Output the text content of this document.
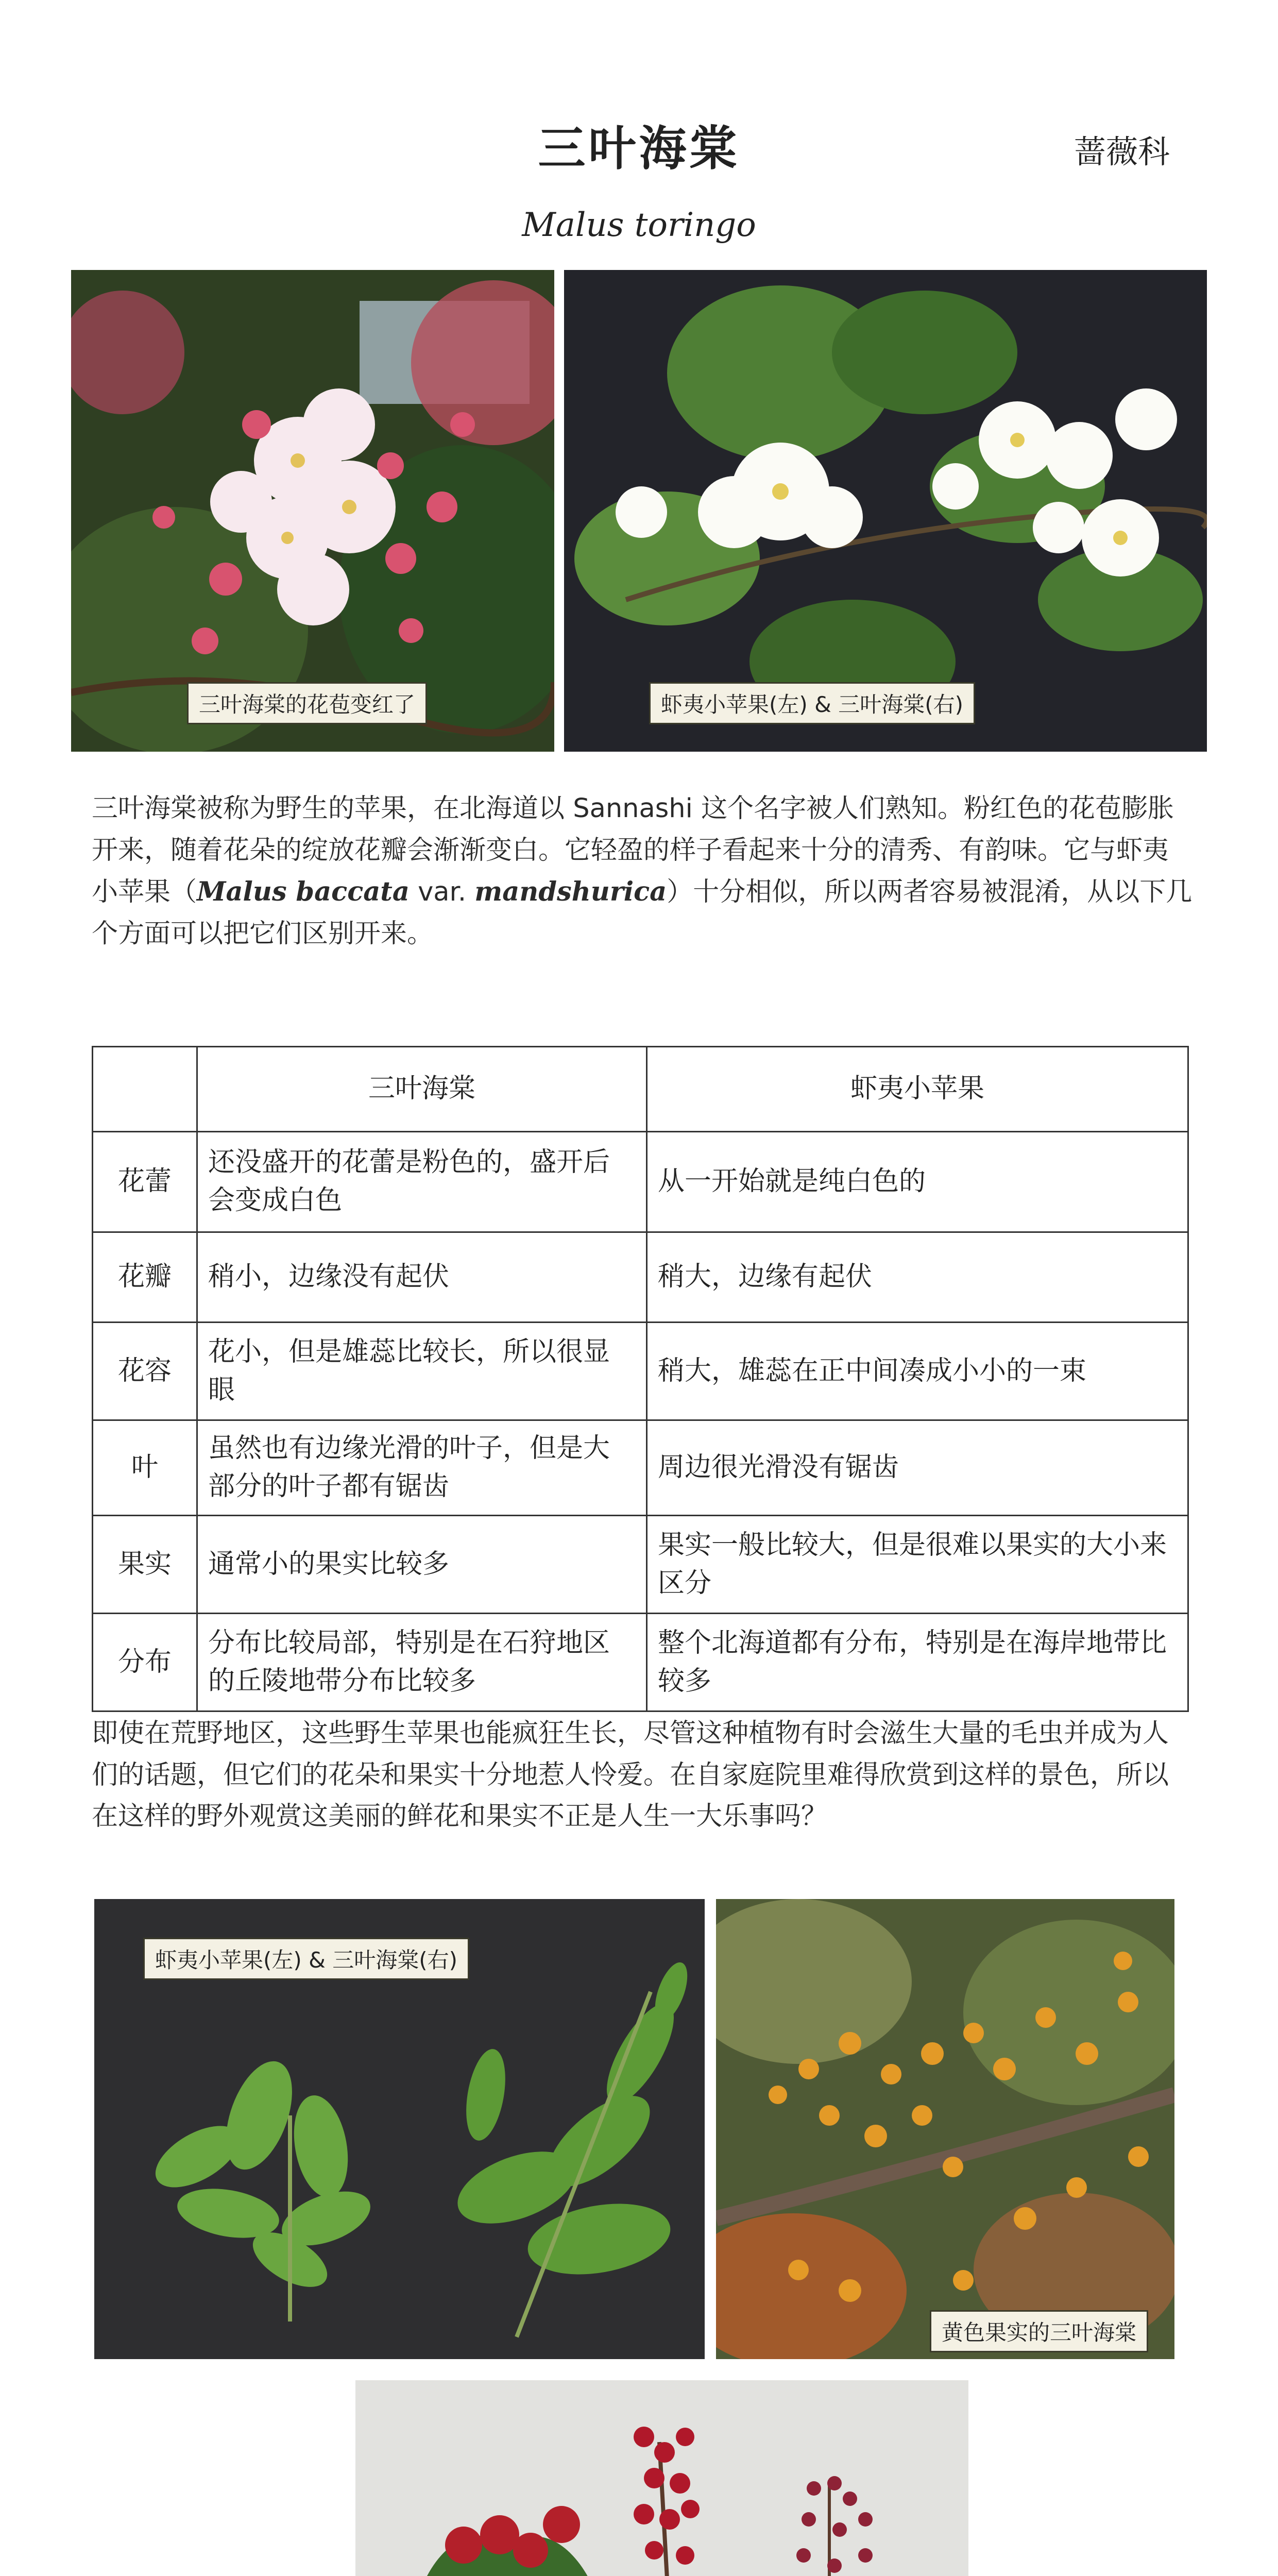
三叶海棠	蔷薇科
Malus toringo
三叶海棠的花苞变红了	虾夷小苹果(左) & 三叶海棠(右)
三叶海棠被称为野生的苹果，在北海道以 Sannashi 这个名字被人们熟知。粉红色的花苞膨胀开来，随着花朵的绽放花瓣会渐渐变白。它轻盈的样子看起来十分的清秀、有韵味。它与虾夷小苹果（Malus baccata var. mandshurica）十分相似，所以两者容易被混淆，从以下几个方面可以把它们区别开来。
	三叶海棠	虾夷小苹果
花蕾	还没盛开的花蕾是粉色的，盛开后会变成白色	从一开始就是纯白色的
花瓣	稍小，边缘没有起伏	稍大，边缘有起伏
花容	花小，但是雄蕊比较长，所以很显眼	稍大，雄蕊在正中间凑成小小的一束
叶	虽然也有边缘光滑的叶子，但是大部分的叶子都有锯齿	周边很光滑没有锯齿
果实	通常小的果实比较多	果实一般比较大，但是很难以果实的大小来区分
分布	分布比较局部，特别是在石狩地区的丘陵地带分布比较多	整个北海道都有分布，特别是在海岸地带比较多
即使在荒野地区，这些野生苹果也能疯狂生长，尽管这种植物有时会滋生大量的毛虫并成为人们的话题，但它们的花朵和果实十分地惹人怜爱。在自家庭院里难得欣赏到这样的景色，所以在这样的野外观赏这美丽的鲜花和果实不正是人生一大乐事吗？
虾夷小苹果(左) & 三叶海棠(右)
黄色果实的三叶海棠
